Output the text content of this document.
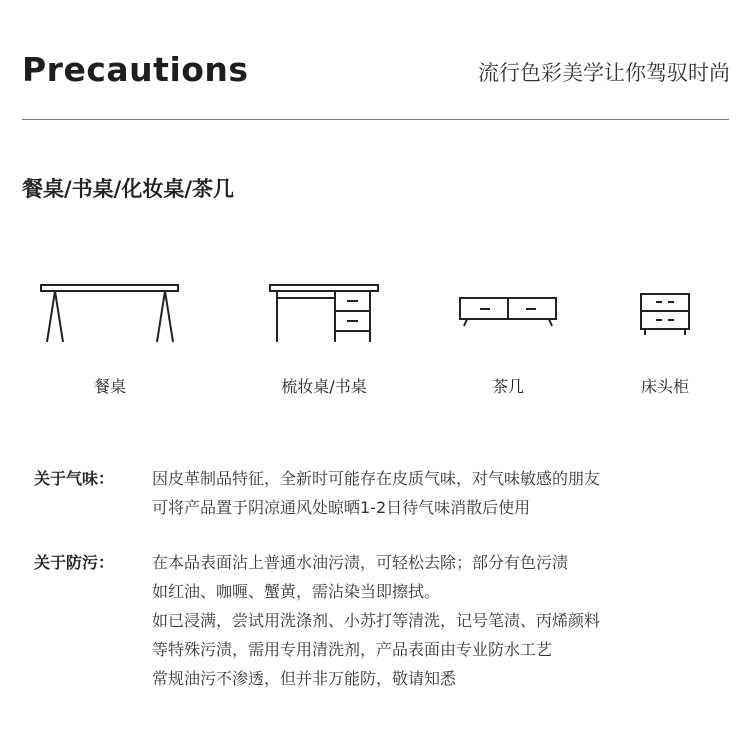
Precautions	流行色彩美学让你驾驭时尚
餐桌/书桌/化妆桌/茶几
餐桌	梳妆桌/书桌	茶几	床头柜
关于气味：	因皮革制品特征，全新时可能存在皮质气味，对气味敏感的朋友
可将产品置于阴凉通风处晾晒1-2日待气味消散后使用
关于防污：	在本品表面沾上普通水油污渍，可轻松去除；部分有色污渍
如红油、咖喱、蟹黄，需沾染当即擦拭。
如已浸满，尝试用洗涤剂、小苏打等清洗，记号笔渍、丙烯颜料
等特殊污渍，需用专用清洗剂，产品表面由专业防水工艺
常规油污不渗透，但并非万能防，敬请知悉
